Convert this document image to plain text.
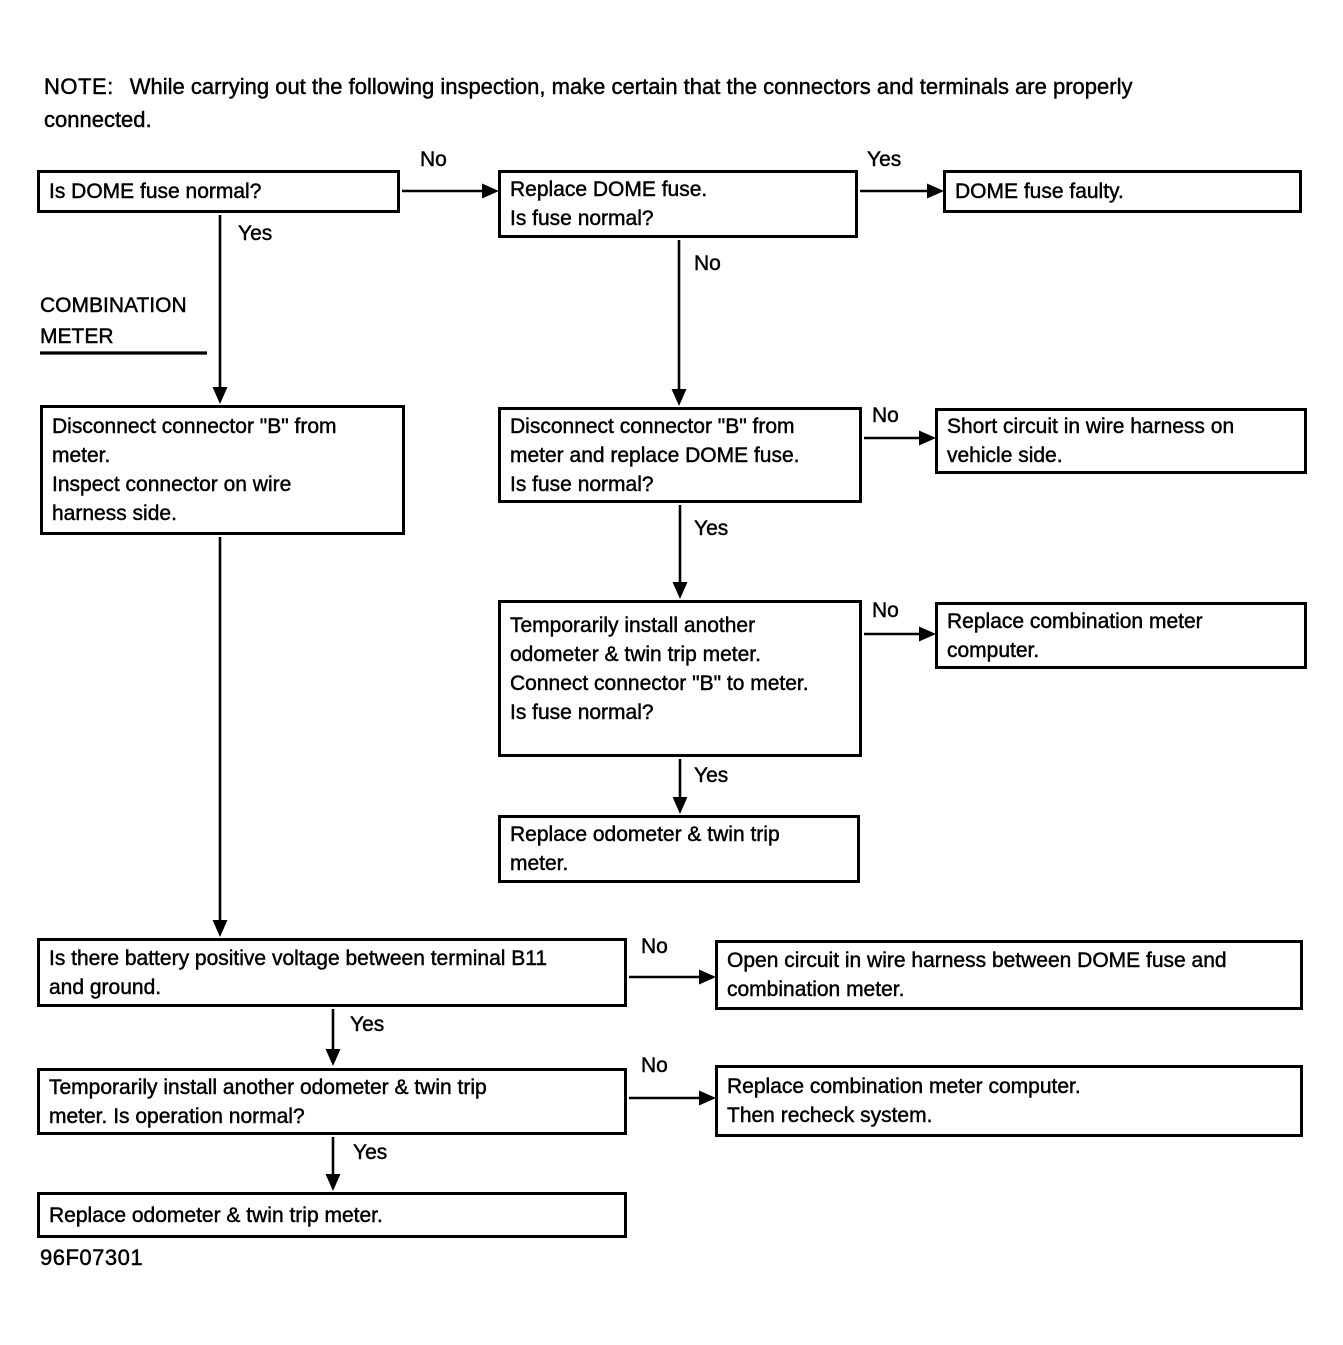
NOTE: While carrying out the following inspection, make certain that the connectors and terminals are properly
connected.
COMBINATION
METER
Is DOME fuse normal?	Replace DOME fuse.
Is fuse normal?
DOME fuse faulty.
Disconnect connector "B" from
meter.
Inspect connector on wire
harness side.
Disconnect connector "B" from
meter and replace DOME fuse.
Is fuse normal?
Short circuit in wire harness on
vehicle side.
Temporarily install another
odometer & twin trip meter.
Connect connector "B" to meter.
Is fuse normal?
Replace combination meter
computer.
Replace odometer & twin trip
meter.
Is there battery positive voltage between terminal B11
and ground.
Open circuit in wire harness between DOME fuse and
combination meter.
Temporarily install another odometer & twin trip
meter. Is operation normal?
Replace combination meter computer.
Then recheck system.
Replace odometer & twin trip meter.
No	Yes
Yes
No
No
Yes
No
Yes
No
Yes
No
Yes
96F07301
